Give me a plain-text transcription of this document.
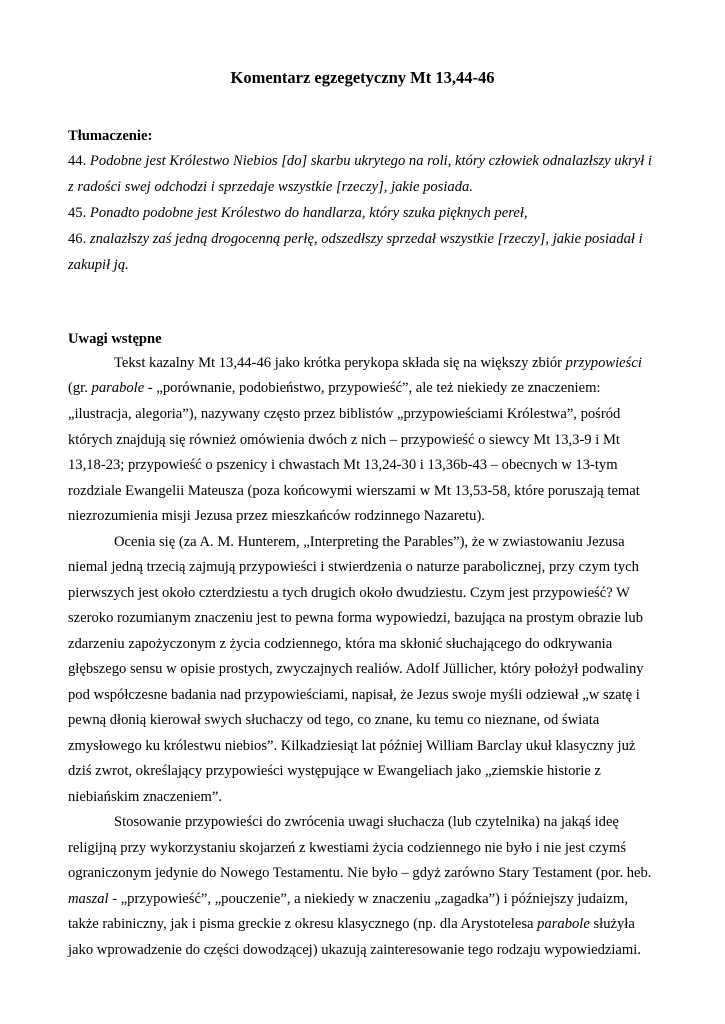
Komentarz egzegetyczny Mt 13,44-46
Tłumaczenie:
44. Podobne jest Królestwo Niebios [do] skarbu ukrytego na roli, który człowiek odnalazłszy ukrył i
z radości swej odchodzi i sprzedaje wszystkie [rzeczy], jakie posiada.
45. Ponadto podobne jest Królestwo do handlarza, który szuka pięknych pereł,
46. znalazłszy zaś jedną drogocenną perłę, odszedłszy sprzedał wszystkie [rzeczy], jakie posiadał i
zakupił ją.
Uwagi wstępne
Tekst kazalny Mt 13,44-46 jako krótka perykopa składa się na większy zbiór przypowieści
(gr. parabole - „porównanie, podobieństwo, przypowieść”, ale też niekiedy ze znaczeniem:
„ilustracja, alegoria”), nazywany często przez biblistów „przypowieściami Królestwa”, pośród
których znajdują się również omówienia dwóch z nich – przypowieść o siewcy Mt 13,3-9 i Mt
13,18-23; przypowieść o pszenicy i chwastach Mt 13,24-30 i 13,36b-43 – obecnych w 13-tym
rozdziale Ewangelii Mateusza (poza końcowymi wierszami w Mt 13,53-58, które poruszają temat
niezrozumienia misji Jezusa przez mieszkańców rodzinnego Nazaretu).
Ocenia się (za A. M. Hunterem, „Interpreting the Parables”), że w zwiastowaniu Jezusa
niemal jedną trzecią zajmują przypowieści i stwierdzenia o naturze parabolicznej, przy czym tych
pierwszych jest około czterdziestu a tych drugich około dwudziestu. Czym jest przypowieść? W
szeroko rozumianym znaczeniu jest to pewna forma wypowiedzi, bazująca na prostym obrazie lub
zdarzeniu zapożyczonym z życia codziennego, która ma skłonić słuchającego do odkrywania
głębszego sensu w opisie prostych, zwyczajnych realiów. Adolf Jüllicher, który położył podwaliny
pod współczesne badania nad przypowieściami, napisał, że Jezus swoje myśli odziewał „w szatę i
pewną dłonią kierował swych słuchaczy od tego, co znane, ku temu co nieznane, od świata
zmysłowego ku królestwu niebios”. Kilkadziesiąt lat później William Barclay ukuł klasyczny już
dziś zwrot, określający przypowieści występujące w Ewangeliach jako „ziemskie historie z
niebiańskim znaczeniem”.
Stosowanie przypowieści do zwrócenia uwagi słuchacza (lub czytelnika) na jakąś ideę
religijną przy wykorzystaniu skojarzeń z kwestiami życia codziennego nie było i nie jest czymś
ograniczonym jedynie do Nowego Testamentu. Nie było – gdyż zarówno Stary Testament (por. heb.
maszal - „przypowieść”, „pouczenie”, a niekiedy w znaczeniu „zagadka”) i późniejszy judaizm,
także rabiniczny, jak i pisma greckie z okresu klasycznego (np. dla Arystotelesa parabole służyła
jako wprowadzenie do części dowodzącej) ukazują zainteresowanie tego rodzaju wypowiedziami.
